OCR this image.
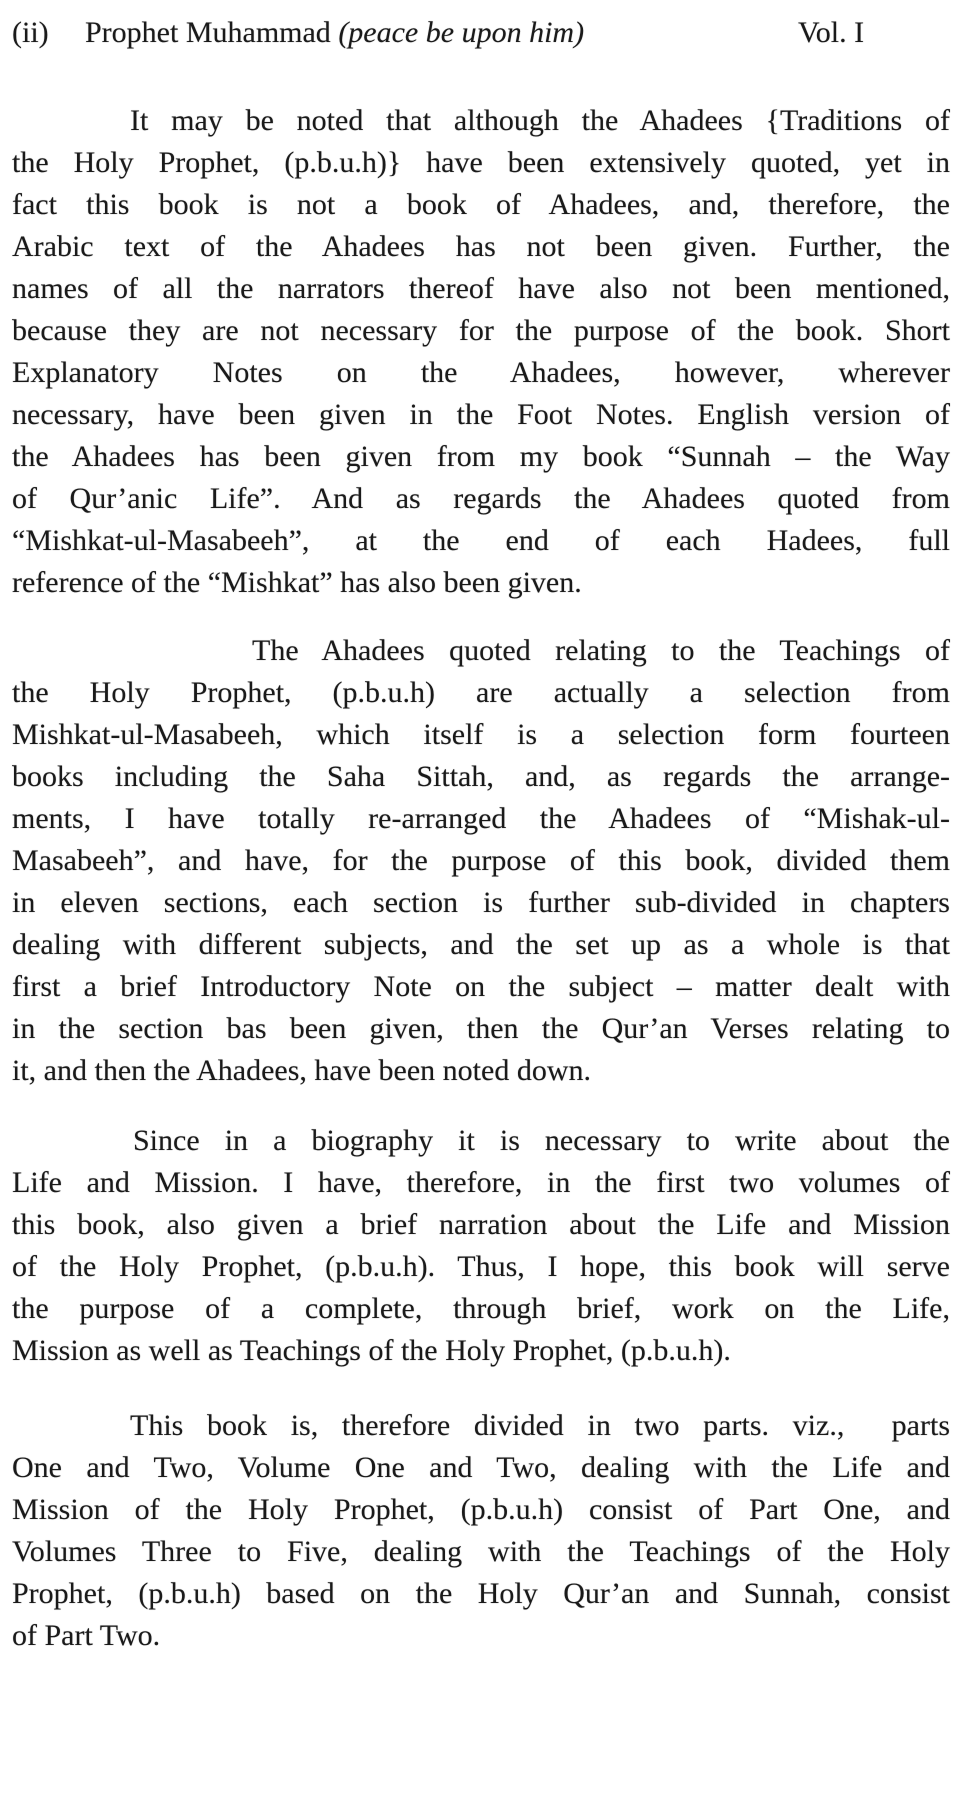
(ii) Prophet Muhammad (peace be upon him)	Vol. I
It may be noted that although the Ahadees {Traditions of
the Holy Prophet, (p.b.u.h)} have been extensively quoted, yet in
fact this book is not a book of Ahadees, and, therefore, the
Arabic text of the Ahadees has not been given. Further, the
names of all the narrators thereof have also not been mentioned,
because they are not necessary for the purpose of the book. Short
Explanatory Notes on the Ahadees, however, wherever
necessary, have been given in the Foot Notes. English version of
the Ahadees has been given from my book “Sunnah – the Way
of Qur’anic Life”. And as regards the Ahadees quoted from
“Mishkat-ul-Masabeeh”, at the end of each Hadees, full
reference of the “Mishkat” has also been given.
The Ahadees quoted relating to the Teachings of
the Holy Prophet, (p.b.u.h) are actually a selection from
Mishkat-ul-Masabeeh, which itself is a selection form fourteen
books including the Saha Sittah, and, as regards the arrange-
ments, I have totally re-arranged the Ahadees of “Mishak-ul-
Masabeeh”, and have, for the purpose of this book, divided them
in eleven sections, each section is further sub-divided in chapters
dealing with different subjects, and the set up as a whole is that
first a brief Introductory Note on the subject – matter dealt with
in the section bas been given, then the Qur’an Verses relating to
it, and then the Ahadees, have been noted down.
Since in a biography it is necessary to write about the
Life and Mission. I have, therefore, in the first two volumes of
this book, also given a brief narration about the Life and Mission
of the Holy Prophet, (p.b.u.h). Thus, I hope, this book will serve
the purpose of a complete, through brief, work on the Life,
Mission as well as Teachings of the Holy Prophet, (p.b.u.h).
This book is, therefore divided in two parts. viz.,  parts
One and Two, Volume One and Two, dealing with the Life and
Mission of the Holy Prophet, (p.b.u.h) consist of Part One, and
Volumes Three to Five, dealing with the Teachings of the Holy
Prophet, (p.b.u.h) based on the Holy Qur’an and Sunnah, consist
of Part Two.
